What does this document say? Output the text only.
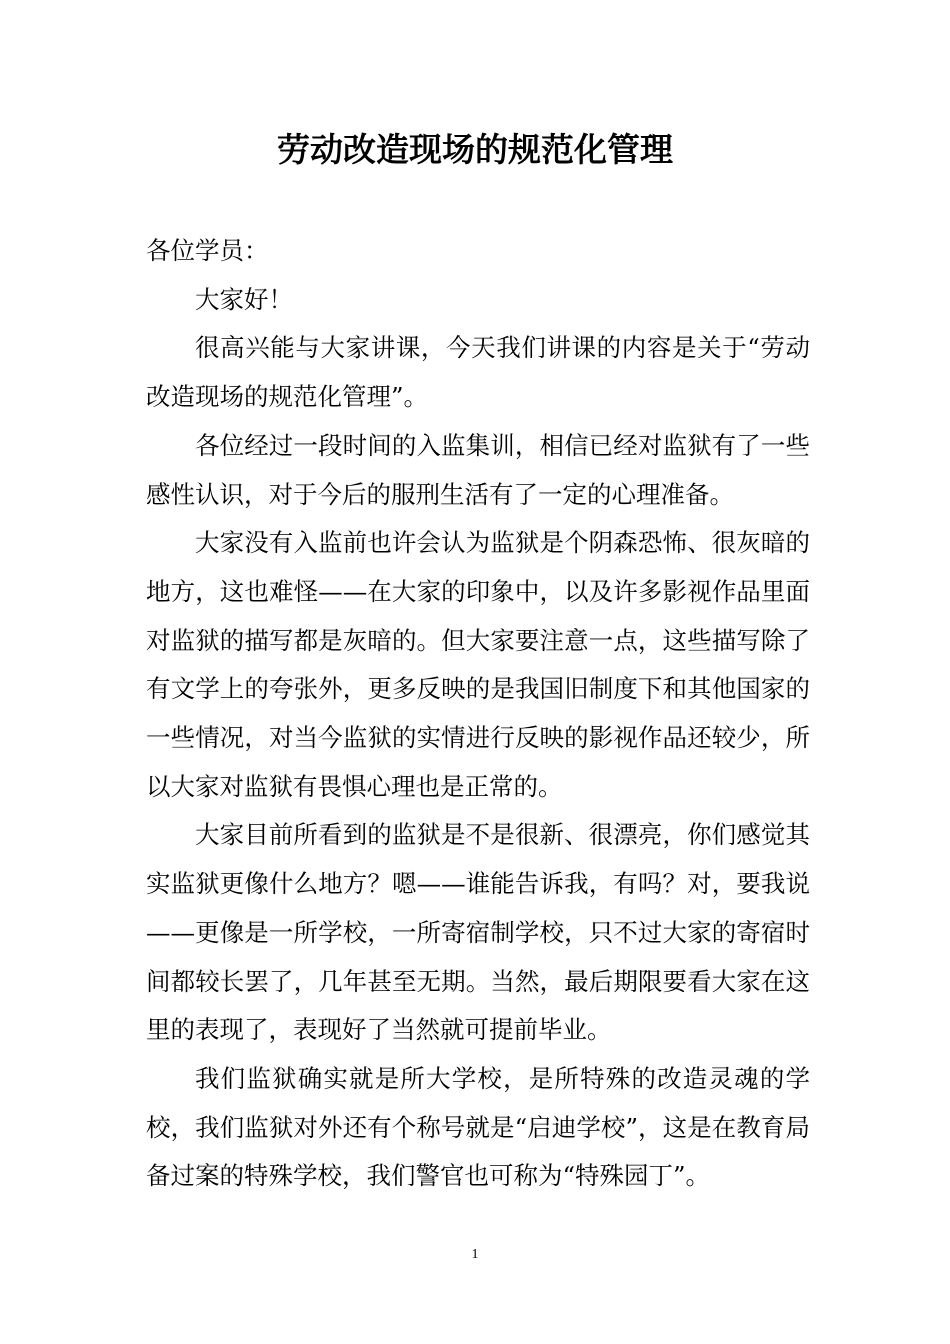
劳动改造现场的规范化管理

各位学员：

大家好！

很高兴能与大家讲课，今天我们讲课的内容是关于“劳动改造现场的规范化管理”。

各位经过一段时间的入监集训，相信已经对监狱有了一些感性认识，对于今后的服刑生活有了一定的心理准备。

大家没有入监前也许会认为监狱是个阴森恐怖、很灰暗的地方，这也难怪——在大家的印象中，以及许多影视作品里面对监狱的描写都是灰暗的。但大家要注意一点，这些描写除了有文学上的夸张外，更多反映的是我国旧制度下和其他国家的一些情况，对当今监狱的实情进行反映的影视作品还较少，所以大家对监狱有畏惧心理也是正常的。

大家目前所看到的监狱是不是很新、很漂亮，你们感觉其实监狱更像什么地方？嗯——谁能告诉我，有吗？对，要我说——更像是一所学校，一所寄宿制学校，只不过大家的寄宿时间都较长罢了，几年甚至无期。当然，最后期限要看大家在这里的表现了，表现好了当然就可提前毕业。

我们监狱确实就是所大学校，是所特殊的改造灵魂的学校，我们监狱对外还有个称号就是“启迪学校”，这是在教育局备过案的特殊学校，我们警官也可称为“特殊园丁”。

1
